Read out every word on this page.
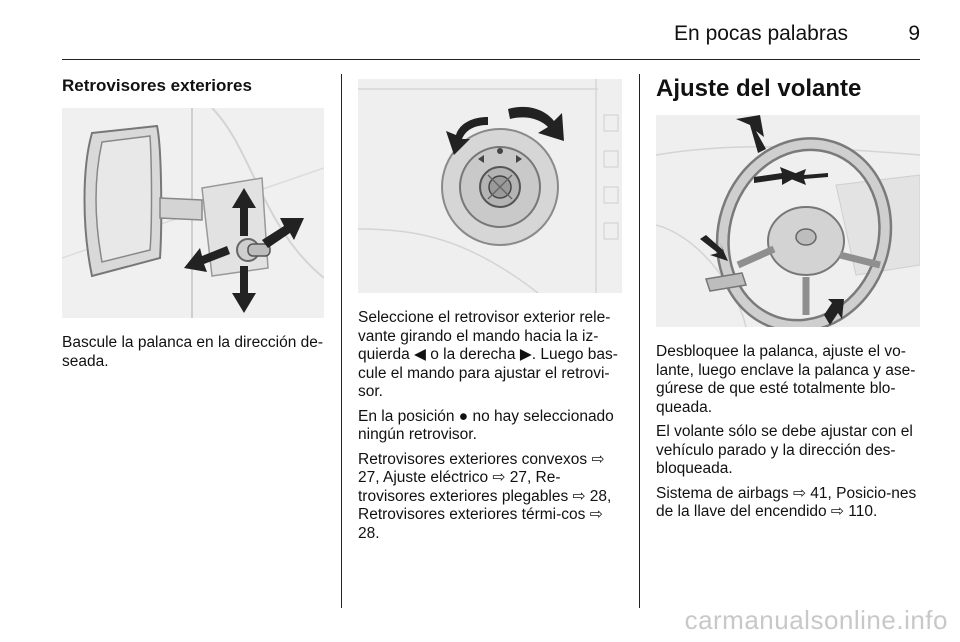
En pocas palabras	9
Retrovisores exteriores

Bascule la palanca en la dirección de-seada.

Seleccione el retrovisor exterior rele-vante girando el mando hacia la iz-quierda ◀ o la derecha ▶. Luego bas-cule el mando para ajustar el retrovi-sor.

En la posición ● no hay seleccionado ningún retrovisor.

Retrovisores exteriores convexos ⇨ 27, Ajuste eléctrico ⇨ 27, Re-trovisores exteriores plegables ⇨ 28, Retrovisores exteriores térmi-cos ⇨ 28.

Ajuste del volante

Desbloquee la palanca, ajuste el vo-lante, luego enclave la palanca y ase-gúrese de que esté totalmente blo-queada.

El volante sólo se debe ajustar con el vehículo parado y la dirección des-bloqueada.

Sistema de airbags ⇨ 41, Posicio-nes de la llave del encendido ⇨ 110.

carmanualsonline.info
